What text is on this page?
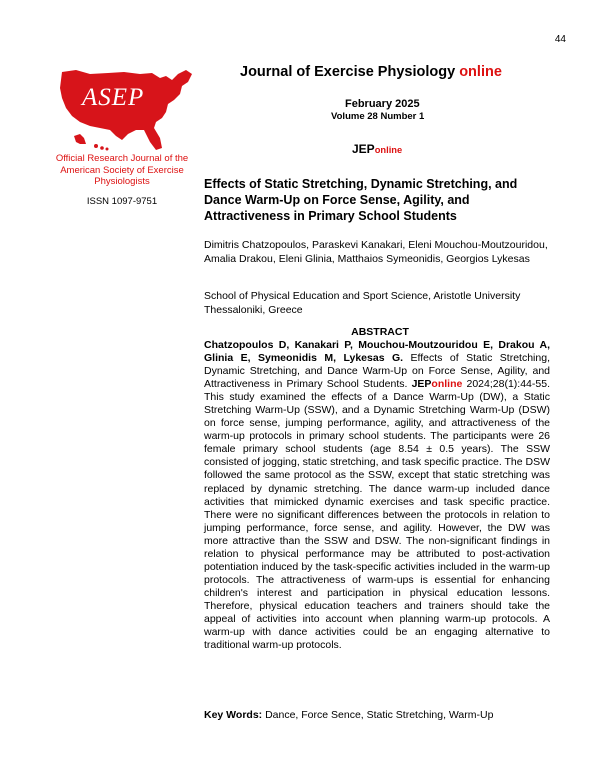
44
ASEP
Official Research Journal of the American Society of Exercise Physiologists
ISSN 1097-9751
Journal of Exercise Physiology online
February 2025
Volume 28 Number 1
JEPonline
Effects of Static Stretching, Dynamic Stretching, and Dance Warm-Up on Force Sense, Agility, and Attractiveness in Primary School Students
Dimitris Chatzopoulos, Paraskevi Kanakari, Eleni Mouchou-Moutzouridou, Amalia Drakou, Eleni Glinia, Matthaios Symeonidis, Georgios Lykesas
School of Physical Education and Sport Science, Aristotle University Thessaloniki, Greece
ABSTRACT
Chatzopoulos D, Kanakari P, Mouchou-Moutzouridou E, Drakou A, Glinia E, Symeonidis M, Lykesas G. Effects of Static Stretching, Dynamic Stretching, and Dance Warm-Up on Force Sense, Agility, and Attractiveness in Primary School Students. JEPonline 2024;28(1):44-55. This study examined the effects of a Dance Warm-Up (DW), a Static Stretching Warm-Up (SSW), and a Dynamic Stretching Warm-Up (DSW) on force sense, jumping performance, agility, and attractiveness of the warm-up protocols in primary school students. The participants were 26 female primary school students (age 8.54 ± 0.5 years). The SSW consisted of jogging, static stretching, and task specific practice. The DSW followed the same protocol as the SSW, except that static stretching was replaced by dynamic stretching. The dance warm-up included dance activities that mimicked dynamic exercises and task specific practice. There were no significant differences between the protocols in relation to jumping performance, force sense, and agility. However, the DW was more attractive than the SSW and DSW. The non-significant findings in relation to physical performance may be attributed to post-activation potentiation induced by the task-specific activities included in the warm-up protocols. The attractiveness of warm-ups is essential for enhancing children's interest and participation in physical education lessons. Therefore, physical education teachers and trainers should take the appeal of activities into account when planning warm-up protocols. A warm-up with dance activities could be an engaging alternative to traditional warm-up protocols.
Key Words: Dance, Force Sence, Static Stretching, Warm-Up
